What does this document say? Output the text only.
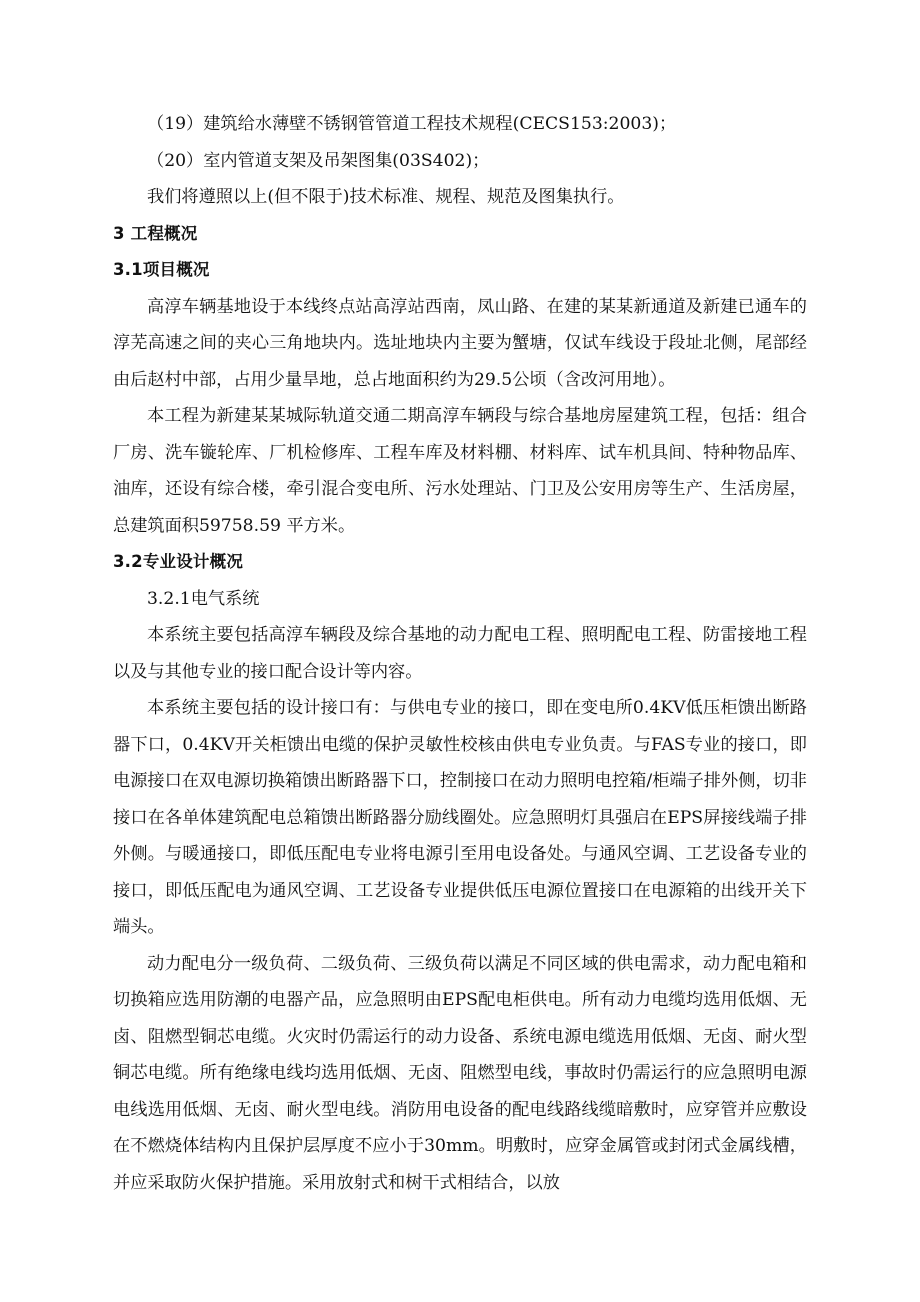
（19）建筑给水薄壁不锈钢管管道工程技术规程(CECS153:2003)；

（20）室内管道支架及吊架图集(03S402)；

我们将遵照以上(但不限于)技术标准、规程、规范及图集执行。

3 工程概况

3.1项目概况

高淳车辆基地设于本线终点站高淳站西南，凤山路、在建的某某新通道及新建已通车的淳芜高速之间的夹心三角地块内。选址地块内主要为蟹塘，仅试车线设于段址北侧，尾部经由后赵村中部，占用少量旱地，总占地面积约为29.5公顷（含改河用地）。

本工程为新建某某城际轨道交通二期高淳车辆段与综合基地房屋建筑工程，包括：组合厂房、洗车镟轮库、厂机检修库、工程车库及材料棚、材料库、试车机具间、特种物品库、油库，还设有综合楼，牵引混合变电所、污水处理站、门卫及公安用房等生产、生活房屋，总建筑面积59758.59 平方米。

3.2专业设计概况

3.2.1电气系统

本系统主要包括高淳车辆段及综合基地的动力配电工程、照明配电工程、防雷接地工程以及与其他专业的接口配合设计等内容。

本系统主要包括的设计接口有：与供电专业的接口，即在变电所0.4KV低压柜馈出断路器下口，0.4KV开关柜馈出电缆的保护灵敏性校核由供电专业负责。与FAS专业的接口，即电源接口在双电源切换箱馈出断路器下口，控制接口在动力照明电控箱/柜端子排外侧，切非接口在各单体建筑配电总箱馈出断路器分励线圈处。应急照明灯具强启在EPS屏接线端子排外侧。与暖通接口，即低压配电专业将电源引至用电设备处。与通风空调、工艺设备专业的接口，即低压配电为通风空调、工艺设备专业提供低压电源位置接口在电源箱的出线开关下端头。

动力配电分一级负荷、二级负荷、三级负荷以满足不同区域的供电需求，动力配电箱和切换箱应选用防潮的电器产品，应急照明由EPS配电柜供电。所有动力电缆均选用低烟、无卤、阻燃型铜芯电缆。火灾时仍需运行的动力设备、系统电源电缆选用低烟、无卤、耐火型铜芯电缆。所有绝缘电线均选用低烟、无卤、阻燃型电线，事故时仍需运行的应急照明电源电线选用低烟、无卤、耐火型电线。消防用电设备的配电线路线缆暗敷时，应穿管并应敷设在不燃烧体结构内且保护层厚度不应小于30mm。明敷时，应穿金属管或封闭式金属线槽，并应采取防火保护措施。采用放射式和树干式相结合，以放
